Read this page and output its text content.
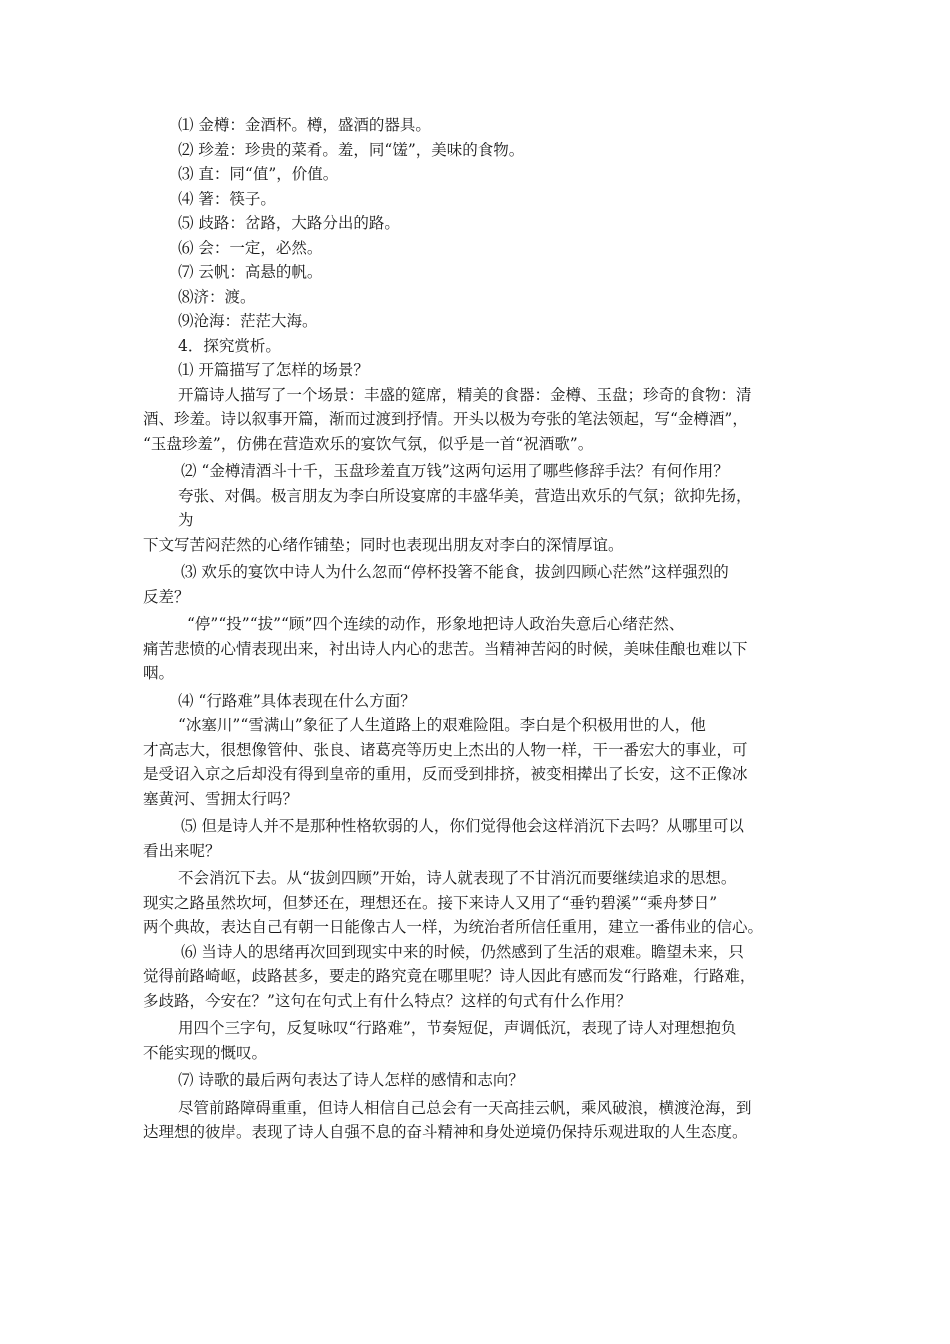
⑴ 金樽：金酒杯。樽，盛酒的器具。
⑵ 珍羞：珍贵的菜肴。羞，同“馐”，美味的食物。
⑶ 直：同“值”，价值。
⑷ 箸：筷子。
⑸ 歧路：岔路，大路分出的路。
⑹ 会：一定，必然。
⑺ 云帆：高悬的帆。
⑻济：渡。
⑼沧海：茫茫大海。
4．探究赏析。
⑴ 开篇描写了怎样的场景？
开篇诗人描写了一个场景：丰盛的筵席，精美的食器：金樽、玉盘；珍奇的食物：清
酒、珍羞。诗以叙事开篇，渐而过渡到抒情。开头以极为夸张的笔法领起，写“金樽酒”，
“玉盘珍羞”，仿佛在营造欢乐的宴饮气氛，似乎是一首“祝酒歌”。
⑵ “金樽清酒斗十千，玉盘珍羞直万钱”这两句运用了哪些修辞手法？有何作用？
夸张、对偶。极言朋友为李白所设宴席的丰盛华美，营造出欢乐的气氛；欲抑先扬，
为
下文写苦闷茫然的心绪作铺垫；同时也表现出朋友对李白的深情厚谊。
⑶ 欢乐的宴饮中诗人为什么忽而“停杯投箸不能食，拔剑四顾心茫然”这样强烈的
反差？
“停”“投”“拔”“顾”四个连续的动作，形象地把诗人政治失意后心绪茫然、
痛苦悲愤的心情表现出来，衬出诗人内心的悲苦。当精神苦闷的时候，美味佳酿也难以下
咽。
⑷ “行路难”具体表现在什么方面？
“冰塞川”“雪满山”象征了人生道路上的艰难险阻。李白是个积极用世的人，他
才高志大，很想像管仲、张良、诸葛亮等历史上杰出的人物一样，干一番宏大的事业，可
是受诏入京之后却没有得到皇帝的重用，反而受到排挤，被变相撵出了长安，这不正像冰
塞黄河、雪拥太行吗？
⑸ 但是诗人并不是那种性格软弱的人，你们觉得他会这样消沉下去吗？从哪里可以
看出来呢？
不会消沉下去。从“拔剑四顾”开始，诗人就表现了不甘消沉而要继续追求的思想。
现实之路虽然坎坷，但梦还在，理想还在。接下来诗人又用了“垂钓碧溪”“乘舟梦日”
两个典故，表达自己有朝一日能像古人一样，为统治者所信任重用，建立一番伟业的信心。
⑹ 当诗人的思绪再次回到现实中来的时候，仍然感到了生活的艰难。瞻望未来，只
觉得前路崎岖，歧路甚多，要走的路究竟在哪里呢？诗人因此有感而发“行路难，行路难，
多歧路，今安在？”这句在句式上有什么特点？这样的句式有什么作用？
用四个三字句，反复咏叹“行路难”，节奏短促，声调低沉，表现了诗人对理想抱负
不能实现的慨叹。
⑺ 诗歌的最后两句表达了诗人怎样的感情和志向？
尽管前路障碍重重，但诗人相信自己总会有一天高挂云帆，乘风破浪，横渡沧海，到
达理想的彼岸。表现了诗人自强不息的奋斗精神和身处逆境仍保持乐观进取的人生态度。
